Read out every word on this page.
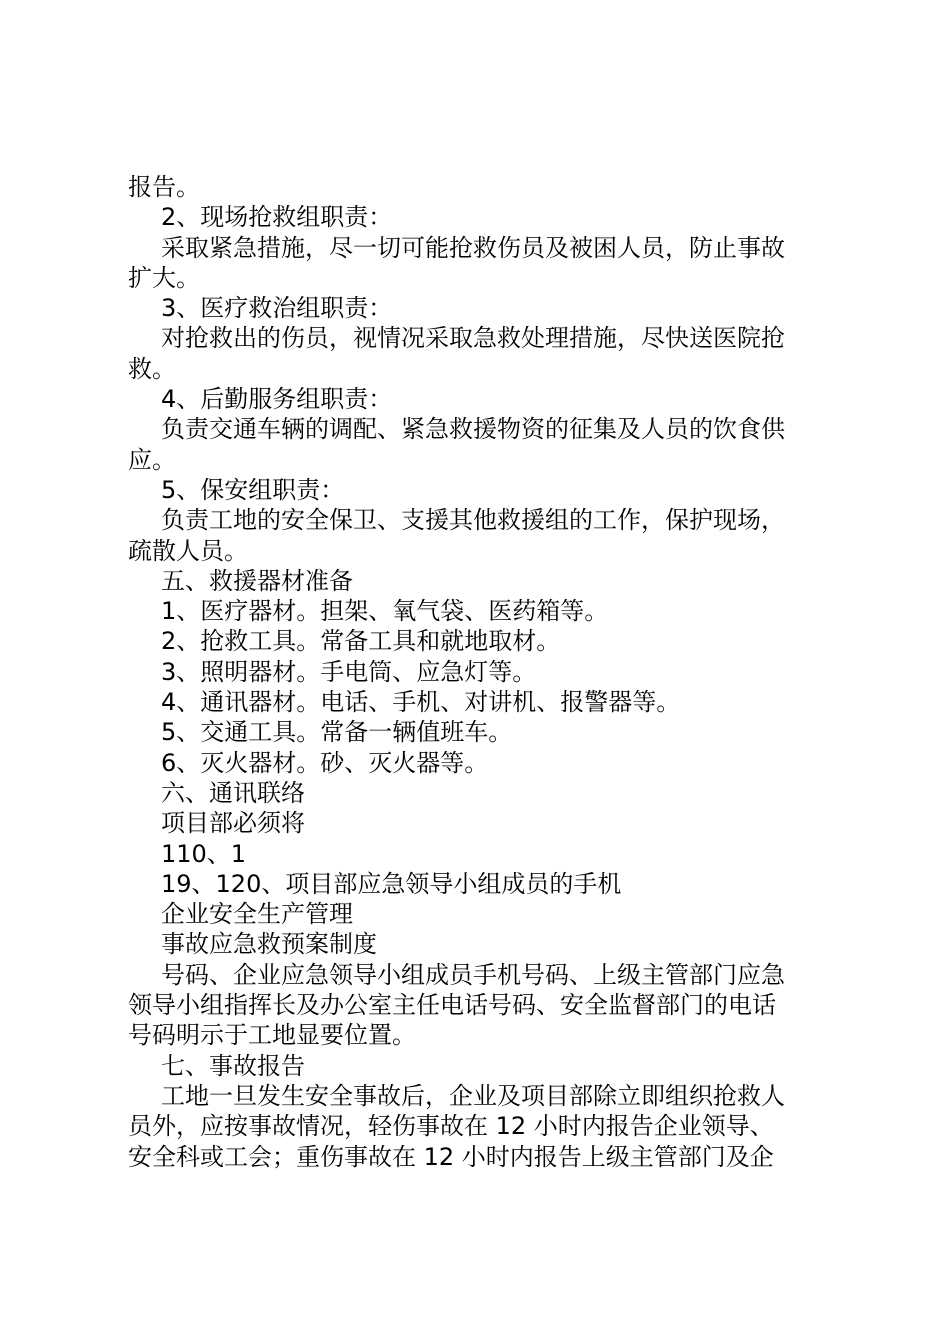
报告。
2、现场抢救组职责：
采取紧急措施，尽一切可能抢救伤员及被困人员，防止事故
扩大。
3、医疗救治组职责：
对抢救出的伤员，视情况采取急救处理措施，尽快送医院抢
救。
4、后勤服务组职责：
负责交通车辆的调配、紧急救援物资的征集及人员的饮食供
应。
5、保安组职责：
负责工地的安全保卫、支援其他救援组的工作，保护现场，
疏散人员。
五、救援器材准备
1、医疗器材。担架、氧气袋、医药箱等。
2、抢救工具。常备工具和就地取材。
3、照明器材。手电筒、应急灯等。
4、通讯器材。电话、手机、对讲机、报警器等。
5、交通工具。常备一辆值班车。
6、灭火器材。砂、灭火器等。
六、通讯联络
项目部必须将
110、1
19、120、项目部应急领导小组成员的手机
企业安全生产管理
事故应急救预案制度
号码、企业应急领导小组成员手机号码、上级主管部门应急
领导小组指挥长及办公室主任电话号码、安全监督部门的电话
号码明示于工地显要位置。
七、事故报告
工地一旦发生安全事故后，企业及项目部除立即组织抢救人
员外，应按事故情况，轻伤事故在 12 小时内报告企业领导、
安全科或工会；重伤事故在 12 小时内报告上级主管部门及企
